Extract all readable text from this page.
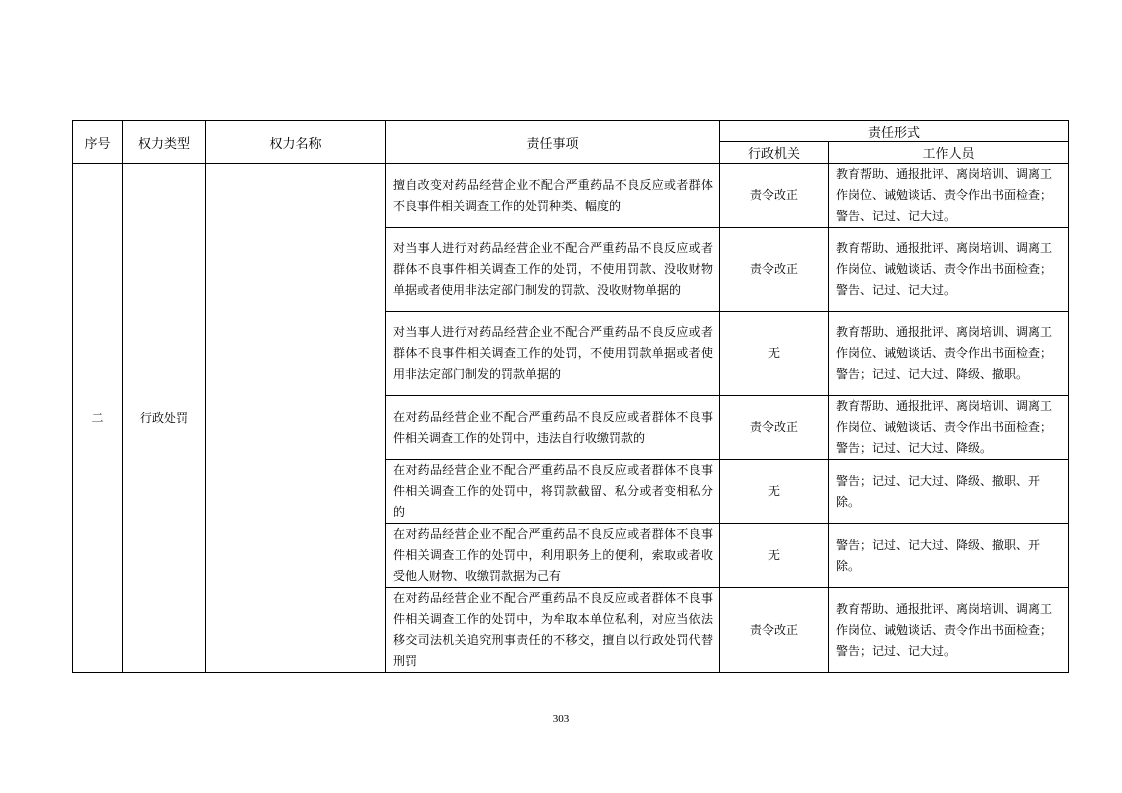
序号	权力类型	权力名称	责任事项	责任形式	
				行政机关	工作人员
二	行政处罚		擅自改变对药品经营企业不配合严重药品不良反应或者群体不良事件相关调查工作的处罚种类、幅度的	责令改正	教育帮助、通报批评、离岗培训、调离工作岗位、诫勉谈话、责令作出书面检查；警告、记过、记大过。
			对当事人进行对药品经营企业不配合严重药品不良反应或者群体不良事件相关调查工作的处罚，不使用罚款、没收财物单据或者使用非法定部门制发的罚款、没收财物单据的	责令改正	教育帮助、通报批评、离岗培训、调离工作岗位、诫勉谈话、责令作出书面检查；警告、记过、记大过。
			对当事人进行对药品经营企业不配合严重药品不良反应或者群体不良事件相关调查工作的处罚，不使用罚款单据或者使用非法定部门制发的罚款单据的	无	教育帮助、通报批评、离岗培训、调离工作岗位、诫勉谈话、责令作出书面检查；警告；记过、记大过、降级、撤职。
			在对药品经营企业不配合严重药品不良反应或者群体不良事件相关调查工作的处罚中，违法自行收缴罚款的	责令改正	教育帮助、通报批评、离岗培训、调离工作岗位、诫勉谈话、责令作出书面检查；警告；记过、记大过、降级。
			在对药品经营企业不配合严重药品不良反应或者群体不良事件相关调查工作的处罚中，将罚款截留、私分或者变相私分的	无	警告；记过、记大过、降级、撤职、开除。
			在对药品经营企业不配合严重药品不良反应或者群体不良事件相关调查工作的处罚中，利用职务上的便利，索取或者收受他人财物、收缴罚款据为己有	无	警告；记过、记大过、降级、撤职、开除。
			在对药品经营企业不配合严重药品不良反应或者群体不良事件相关调查工作的处罚中，为牟取本单位私利，对应当依法移交司法机关追究刑事责任的不移交，擅自以行政处罚代替刑罚	责令改正	教育帮助、通报批评、离岗培训、调离工作岗位、诫勉谈话、责令作出书面检查；警告；记过、记大过。
303
